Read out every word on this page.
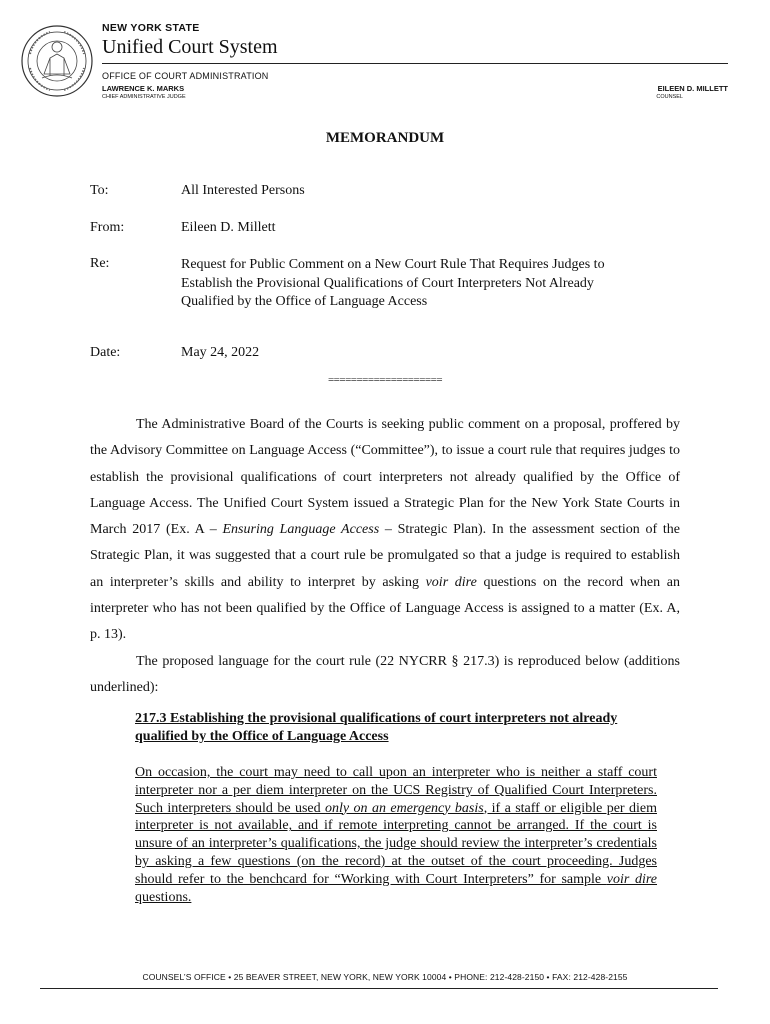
NEW YORK STATE
Unified Court System
OFFICE OF COURT ADMINISTRATION
LAWRENCE K. MARKS
CHIEF ADMINISTRATIVE JUDGE
EILEEN D. MILLETT
COUNSEL
MEMORANDUM
To:	All Interested Persons
From:	Eileen D. Millett
Re:	Request for Public Comment on a New Court Rule That Requires Judges to
Establish the Provisional Qualifications of Court Interpreters Not Already
Qualified by the Office of Language Access
Date:	May 24, 2022
====================

The Administrative Board of the Courts is seeking public comment on a proposal, proffered by the Advisory Committee on Language Access (“Committee”), to issue a court rule that requires judges to establish the provisional qualifications of court interpreters not already qualified by the Office of Language Access. The Unified Court System issued a Strategic Plan for the New York State Courts in March 2017 (Ex. A – Ensuring Language Access – Strategic Plan). In the assessment section of the Strategic Plan, it was suggested that a court rule be promulgated so that a judge is required to establish an interpreter’s skills and ability to interpret by asking voir dire questions on the record when an interpreter who has not been qualified by the Office of Language Access is assigned to a matter (Ex. A, p. 13).

The proposed language for the court rule (22 NYCRR § 217.3) is reproduced below (additions underlined):

217.3 Establishing the provisional qualifications of court interpreters not already qualified by the Office of Language Access
On occasion, the court may need to call upon an interpreter who is neither a staff court interpreter nor a per diem interpreter on the UCS Registry of Qualified Court Interpreters. Such interpreters should be used only on an emergency basis, if a staff or eligible per diem interpreter is not available, and if remote interpreting cannot be arranged. If the court is unsure of an interpreter’s qualifications, the judge should review the interpreter’s credentials by asking a few questions (on the record) at the outset of the court proceeding. Judges should refer to the benchcard for “Working with Court Interpreters” for sample voir dire questions.
COUNSEL’S OFFICE • 25 BEAVER STREET, NEW YORK, NEW YORK 10004 • PHONE: 212-428-2150 • FAX: 212-428-2155
